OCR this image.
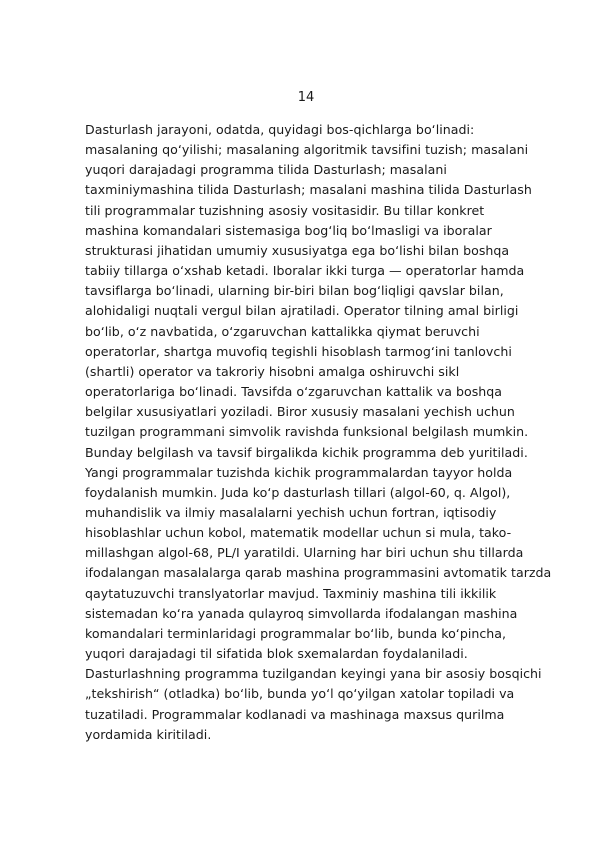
14
Dasturlash jarayoni, odatda, quyidagi bos-qichlarga bo‘linadi:
masalaning qo‘yilishi; masalaning algoritmik tavsifini tuzish; masalani
yuqori darajadagi programma tilida Dasturlash; masalani
taxminiymashina tilida Dasturlash; masalani mashina tilida Dasturlash
tili programmalar tuzishning asosiy vositasidir. Bu tillar konkret
mashina komandalari sistemasiga bog‘liq bo‘lmasligi va iboralar
strukturasi jihatidan umumiy xususiyatga ega bo‘lishi bilan boshqa
tabiiy tillarga o‘xshab ketadi. Iboralar ikki turga — operatorlar hamda
tavsiflarga bo‘linadi, ularning bir-biri bilan bog‘liqligi qavslar bilan,
alohidaligi nuqtali vergul bilan ajratiladi. Operator tilning amal birligi
bo‘lib, o‘z navbatida, o‘zgaruvchan kattalikka qiymat beruvchi
operatorlar, shartga muvofiq tegishli hisoblash tarmog‘ini tanlovchi
(shartli) operator va takroriy hisobni amalga oshiruvchi sikl
operatorlariga bo‘linadi. Tavsifda o‘zgaruvchan kattalik va boshqa
belgilar xususiyatlari yoziladi. Biror xususiy masalani yechish uchun
tuzilgan programmani simvolik ravishda funksional belgilash mumkin.
Bunday belgilash va tavsif birgalikda kichik programma deb yuritiladi.
Yangi programmalar tuzishda kichik programmalardan tayyor holda
foydalanish mumkin. Juda ko‘p dasturlash tillari (algol-60, q. Algol),
muhandislik va ilmiy masalalarni yechish uchun fortran, iqtisodiy
hisoblashlar uchun kobol, matematik modellar uchun si mula, tako-
millashgan algol-68, PL/I yaratildi. Ularning har biri uchun shu tillarda
ifodalangan masalalarga qarab mashina programmasini avtomatik tarzda
qaytatuzuvchi translyatorlar mavjud. Taxminiy mashina tili ikkilik
sistemadan ko‘ra yanada qulayroq simvollarda ifodalangan mashina
komandalari terminlaridagi programmalar bo‘lib, bunda ko‘pincha,
yuqori darajadagi til sifatida blok sxemalardan foydalaniladi.
Dasturlashning programma tuzilgandan keyingi yana bir asosiy bosqichi
„tekshirish“ (otladka) bo‘lib, bunda yo‘l qo‘yilgan xatolar topiladi va
tuzatiladi. Programmalar kodlanadi va mashinaga maxsus qurilma
yordamida kiritiladi.
